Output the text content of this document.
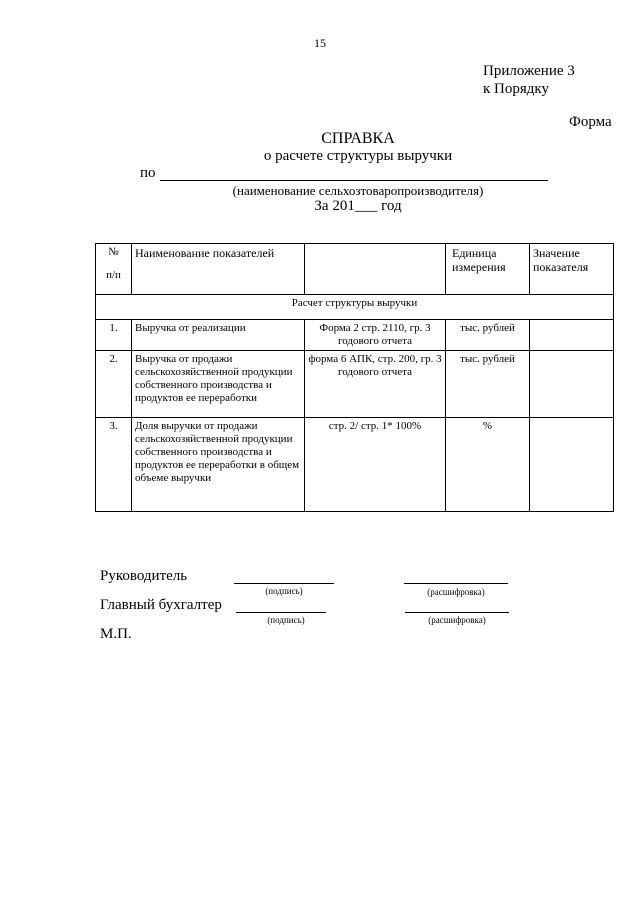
15
Приложение 3
к Порядку
Форма
СПРАВКА
о расчете структуры выручки
по
(наименование сельхозтоваропроизводителя)
За 201___ год
№
п/п	Наименование показателей		Единица измерения	Значение показателя
Расчет структуры выручки				
1.	Выручка от реализации	Форма 2 стр. 2110, гр. 3 годового отчета	тыс. рублей	
2.	Выручка от продажи сельскохозяйственной продукции собственного производства и продуктов ее переработки	форма 6 АПК, стр. 200, гр. 3 годового отчета	тыс. рублей	
3.	Доля выручки от продажи сельскохозяйственной продукции собственного производства и продуктов ее переработки в общем объеме выручки	стр. 2/ стр. 1* 100%	%	
Руководитель
(подпись)	(расшифровка)
Главный бухгалтер
(подпись)	(расшифровка)
М.П.
